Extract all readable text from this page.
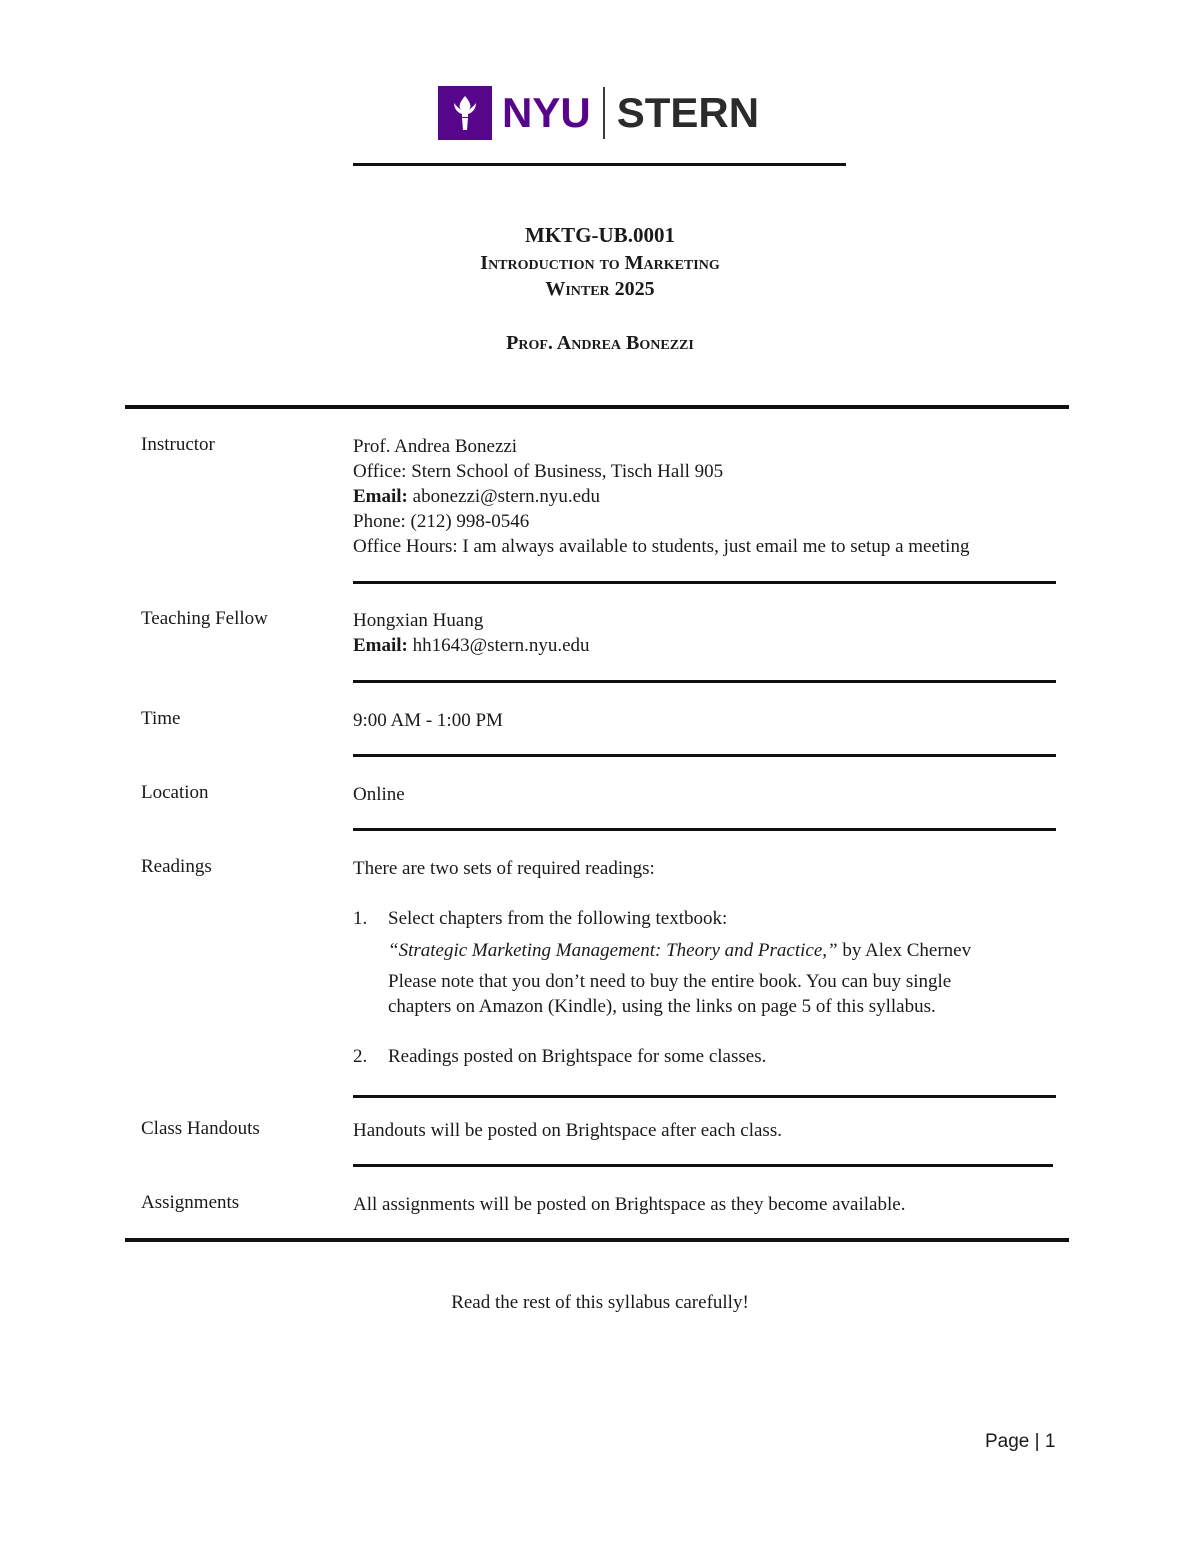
NYU STERN
MKTG-UB.0001
Introduction to Marketing
Winter 2025
Prof. Andrea Bonezzi
Instructor	Prof. Andrea Bonezzi
Office: Stern School of Business, Tisch Hall 905
Email: abonezzi@stern.nyu.edu
Phone: (212) 998-0546
Office Hours: I am always available to students, just email me to setup a meeting
Teaching Fellow	Hongxian Huang
Email: hh1643@stern.nyu.edu
Time	9:00 AM - 1:00 PM
Location	Online
Readings	There are two sets of required readings:
1. Select chapters from the following textbook:
“Strategic Marketing Management: Theory and Practice,” by Alex Chernev
Please note that you don’t need to buy the entire book. You can buy single
chapters on Amazon (Kindle), using the links on page 5 of this syllabus.
2. Readings posted on Brightspace for some classes.
Class Handouts	Handouts will be posted on Brightspace after each class.
Assignments	All assignments will be posted on Brightspace as they become available.
Read the rest of this syllabus carefully!
Page | 1
